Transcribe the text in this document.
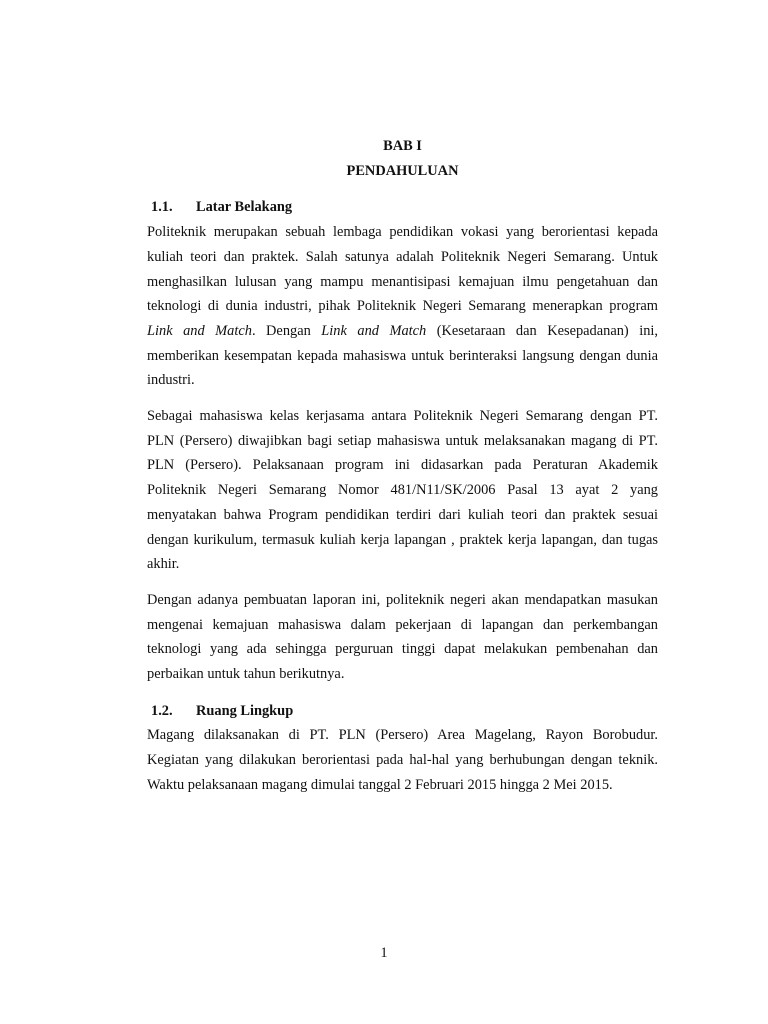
BAB I
PENDAHULUAN
1.1.	Latar Belakang

Politeknik merupakan sebuah lembaga pendidikan vokasi yang berorientasi kepada kuliah teori dan praktek. Salah satunya adalah Politeknik Negeri Semarang. Untuk menghasilkan lulusan yang mampu menantisipasi kemajuan ilmu pengetahuan dan teknologi di dunia industri, pihak Politeknik Negeri Semarang menerapkan program Link and Match. Dengan Link and Match (Kesetaraan dan Kesepadanan) ini, memberikan kesempatan kepada mahasiswa untuk berinteraksi langsung dengan dunia industri.

Sebagai mahasiswa kelas kerjasama antara Politeknik Negeri Semarang dengan PT. PLN (Persero) diwajibkan bagi setiap mahasiswa untuk melaksanakan magang di PT. PLN (Persero). Pelaksanaan program ini didasarkan pada Peraturan Akademik Politeknik Negeri Semarang Nomor 481/N11/SK/2006 Pasal 13 ayat 2 yang menyatakan bahwa Program pendidikan terdiri dari kuliah teori dan praktek sesuai dengan kurikulum, termasuk kuliah kerja lapangan , praktek kerja lapangan, dan tugas akhir.

Dengan adanya pembuatan laporan ini, politeknik negeri akan mendapatkan masukan mengenai kemajuan mahasiswa dalam pekerjaan di lapangan dan perkembangan teknologi yang ada sehingga perguruan tinggi dapat melakukan pembenahan dan perbaikan untuk tahun berikutnya.

1.2.	Ruang Lingkup

Magang dilaksanakan di PT. PLN (Persero) Area Magelang, Rayon Borobudur. Kegiatan yang dilakukan berorientasi pada hal-hal yang berhubungan dengan teknik. Waktu pelaksanaan magang dimulai tanggal 2 Februari 2015 hingga 2 Mei 2015.

1
